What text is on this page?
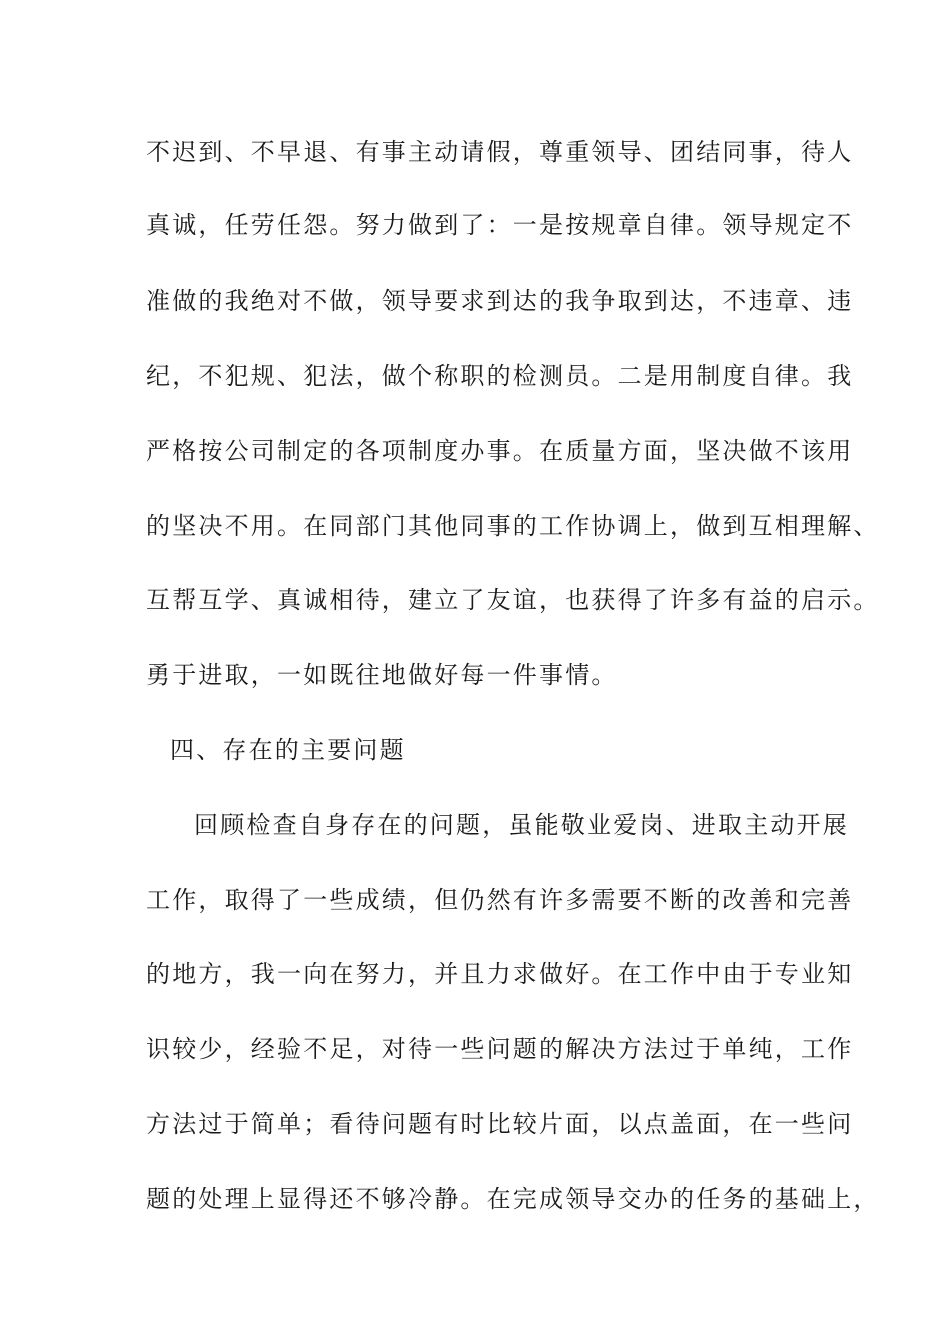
不迟到、不早退、有事主动请假，尊重领导、团结同事，待人

真诚，任劳任怨。努力做到了：一是按规章自律。领导规定不

准做的我绝对不做，领导要求到达的我争取到达，不违章、违

纪，不犯规、犯法，做个称职的检测员。二是用制度自律。我

严格按公司制定的各项制度办事。在质量方面，坚决做不该用

的坚决不用。在同部门其他同事的工作协调上，做到互相理解、

互帮互学、真诚相待，建立了友谊，也获得了许多有益的启示。

勇于进取，一如既往地做好每一件事情。

四、存在的主要问题

回顾检查自身存在的问题，虽能敬业爱岗、进取主动开展

工作，取得了一些成绩，但仍然有许多需要不断的改善和完善

的地方，我一向在努力，并且力求做好。在工作中由于专业知

识较少，经验不足，对待一些问题的解决方法过于单纯，工作

方法过于简单；看待问题有时比较片面，以点盖面，在一些问

题的处理上显得还不够冷静。在完成领导交办的任务的基础上，
